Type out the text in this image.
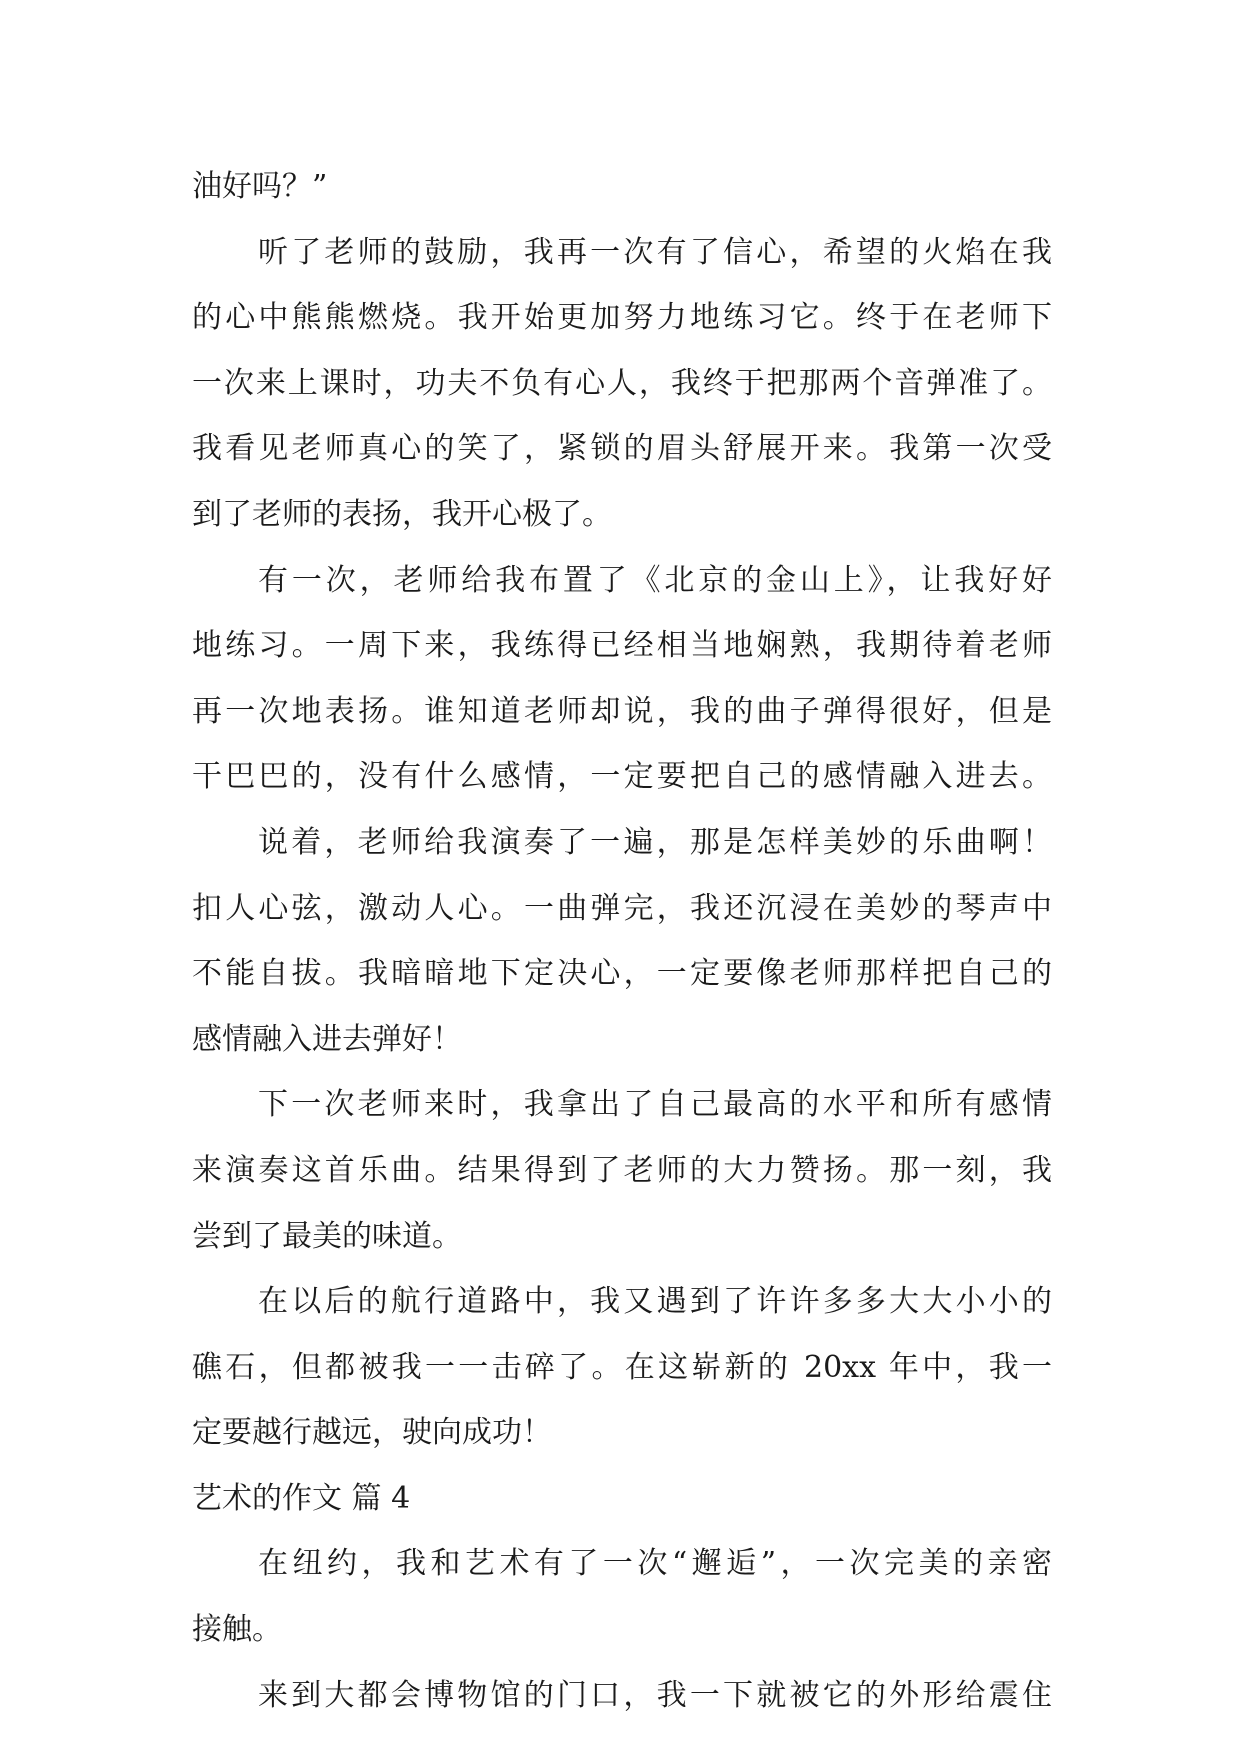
油好吗？”
听了老师的鼓励，我再一次有了信心，希望的火焰在我
的心中熊熊燃烧。我开始更加努力地练习它。终于在老师下
一次来上课时，功夫不负有心人，我终于把那两个音弹准了。
我看见老师真心的笑了，紧锁的眉头舒展开来。我第一次受
到了老师的表扬，我开心极了。
有一次，老师给我布置了《北京的金山上》，让我好好
地练习。一周下来，我练得已经相当地娴熟，我期待着老师
再一次地表扬。谁知道老师却说，我的曲子弹得很好，但是
干巴巴的，没有什么感情，一定要把自己的感情融入进去。
说着，老师给我演奏了一遍，那是怎样美妙的乐曲啊！
扣人心弦，激动人心。一曲弹完，我还沉浸在美妙的琴声中
不能自拔。我暗暗地下定决心，一定要像老师那样把自己的
感情融入进去弹好！
下一次老师来时，我拿出了自己最高的水平和所有感情
来演奏这首乐曲。结果得到了老师的大力赞扬。那一刻，我
尝到了最美的味道。
在以后的航行道路中，我又遇到了许许多多大大小小的
礁石，但都被我一一击碎了。在这崭新的 20xx 年中，我一
定要越行越远，驶向成功！
艺术的作文 篇 4
在纽约，我和艺术有了一次“邂逅”，一次完美的亲密
接触。
来到大都会博物馆的门口，我一下就被它的外形给震住
